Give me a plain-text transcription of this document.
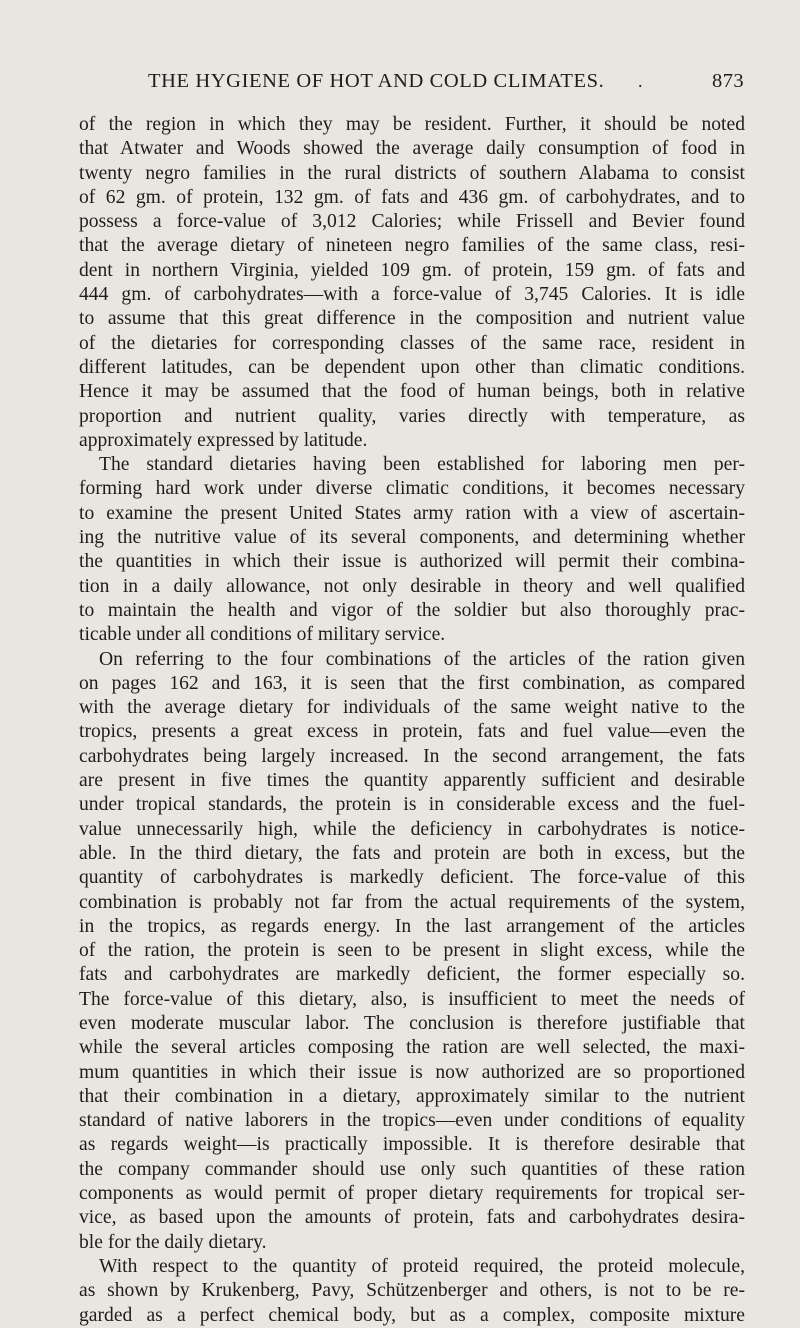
THE HYGIENE OF HOT AND COLD CLIMATES. .	873
of the region in which they may be resident. Further, it should be noted
that Atwater and Woods showed the average daily consumption of food in
twenty negro families in the rural districts of southern Alabama to consist
of 62 gm. of protein, 132 gm. of fats and 436 gm. of carbohydrates, and to
possess a force-value of 3,012 Calories; while Frissell and Bevier found
that the average dietary of nineteen negro families of the same class, resi-
dent in northern Virginia, yielded 109 gm. of protein, 159 gm. of fats and
444 gm. of carbohydrates—with a force-value of 3,745 Calories. It is idle
to assume that this great difference in the composition and nutrient value
of the dietaries for corresponding classes of the same race, resident in
different latitudes, can be dependent upon other than climatic conditions.
Hence it may be assumed that the food of human beings, both in relative
proportion and nutrient quality, varies directly with temperature, as
approximately expressed by latitude.
The standard dietaries having been established for laboring men per-
forming hard work under diverse climatic conditions, it becomes necessary
to examine the present United States army ration with a view of ascertain-
ing the nutritive value of its several components, and determining whether
the quantities in which their issue is authorized will permit their combina-
tion in a daily allowance, not only desirable in theory and well qualified
to maintain the health and vigor of the soldier but also thoroughly prac-
ticable under all conditions of military service.
On referring to the four combinations of the articles of the ration given
on pages 162 and 163, it is seen that the first combination, as compared
with the average dietary for individuals of the same weight native to the
tropics, presents a great excess in protein, fats and fuel value—even the
carbohydrates being largely increased. In the second arrangement, the fats
are present in five times the quantity apparently sufficient and desirable
under tropical standards, the protein is in considerable excess and the fuel-
value unnecessarily high, while the deficiency in carbohydrates is notice-
able. In the third dietary, the fats and protein are both in excess, but the
quantity of carbohydrates is markedly deficient. The force-value of this
combination is probably not far from the actual requirements of the system,
in the tropics, as regards energy. In the last arrangement of the articles
of the ration, the protein is seen to be present in slight excess, while the
fats and carbohydrates are markedly deficient, the former especially so.
The force-value of this dietary, also, is insufficient to meet the needs of
even moderate muscular labor. The conclusion is therefore justifiable that
while the several articles composing the ration are well selected, the maxi-
mum quantities in which their issue is now authorized are so proportioned
that their combination in a dietary, approximately similar to the nutrient
standard of native laborers in the tropics—even under conditions of equality
as regards weight—is practically impossible. It is therefore desirable that
the company commander should use only such quantities of these ration
components as would permit of proper dietary requirements for tropical ser-
vice, as based upon the amounts of protein, fats and carbohydrates desira-
ble for the daily dietary.
With respect to the quantity of proteid required, the proteid molecule,
as shown by Krukenberg, Pavy, Schützenberger and others, is not to be re-
garded as a perfect chemical body, but as a complex, composite mixture
